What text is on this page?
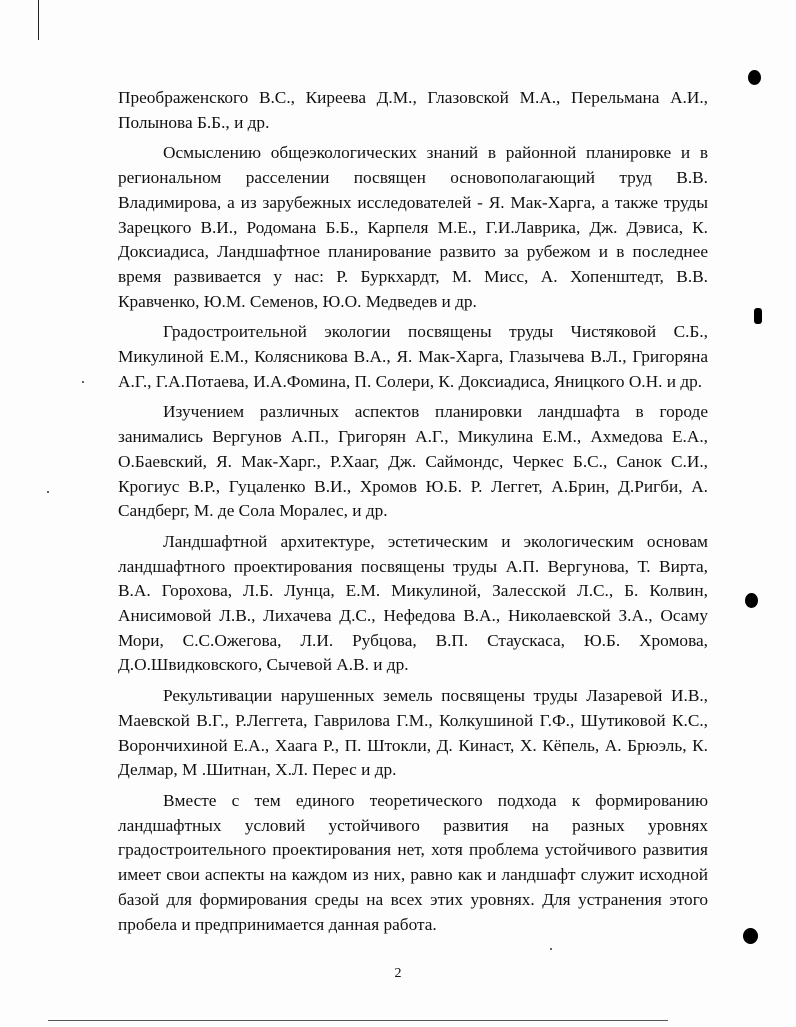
Преображенского В.С., Киреева Д.М., Глазовской М.А., Перельмана А.И., Полынова Б.Б., и др.

Осмыслению общеэкологических знаний в районной планировке и в региональном расселении посвящен основополагающий труд В.В. Владимирова, а из зарубежных исследователей - Я. Мак-Харга, а также труды Зарецкого В.И., Родомана Б.Б., Карпеля М.Е., Г.И.Лаврика, Дж. Дэвиса, К. Доксиадиса, Ландшафтное планирование развито за рубежом и в последнее время развивается у нас: Р. Буркхардт, М. Мисс, А. Хопенштедт, В.В. Кравченко, Ю.М. Семенов, Ю.О. Медведев и др.

Градостроительной экологии посвящены труды Чистяковой С.Б., Микулиной Е.М., Колясникова В.А., Я. Мак-Харга, Глазычева В.Л., Григоряна А.Г., Г.А.Потаева, И.А.Фомина, П. Солери, К. Доксиадиса, Яницкого О.Н. и др.

Изучением различных аспектов планировки ландшафта в городе занимались Вергунов А.П., Григорян А.Г., Микулина Е.М., Ахмедова Е.А., О.Баевский, Я. Мак-Харг., Р.Хааг, Дж. Саймондс, Черкес Б.С., Санок С.И., Крогиус В.Р., Гуцаленко В.И., Хромов Ю.Б. Р. Леггет, А.Брин, Д.Ригби, А. Сандберг, М. де Сола Моралес, и др.

Ландшафтной архитектуре, эстетическим и экологическим основам ландшафтного проектирования посвящены труды А.П. Вергунова, Т. Вирта, В.А. Горохова, Л.Б. Лунца, Е.М. Микулиной, Залесской Л.С., Б. Колвин, Анисимовой Л.В., Лихачева Д.С., Нефедова В.А., Николаевской З.А., Осаму Мори, С.С.Ожегова, Л.И. Рубцова, В.П. Стаускаса, Ю.Б. Хромова, Д.О.Швидковского, Сычевой А.В. и др.

Рекультивации нарушенных земель посвящены труды Лазаревой И.В., Маевской В.Г., Р.Леггета, Гаврилова Г.М., Колкушиной Г.Ф., Шутиковой К.С., Ворончихиной Е.А., Хаага Р., П. Штокли, Д. Кинаст, Х. Кёпель, А. Брюэль, К. Делмар, М .Шитнан, Х.Л. Перес и др.

Вместе с тем единого теоретического подхода к формированию ландшафтных условий устойчивого развития на разных уровнях градостроительного проектирования нет, хотя проблема устойчивого развития имеет свои аспекты на каждом из них, равно как и ландшафт служит исходной базой для формирования среды на всех этих уровнях. Для устранения этого пробела и предпринимается данная работа.

2
